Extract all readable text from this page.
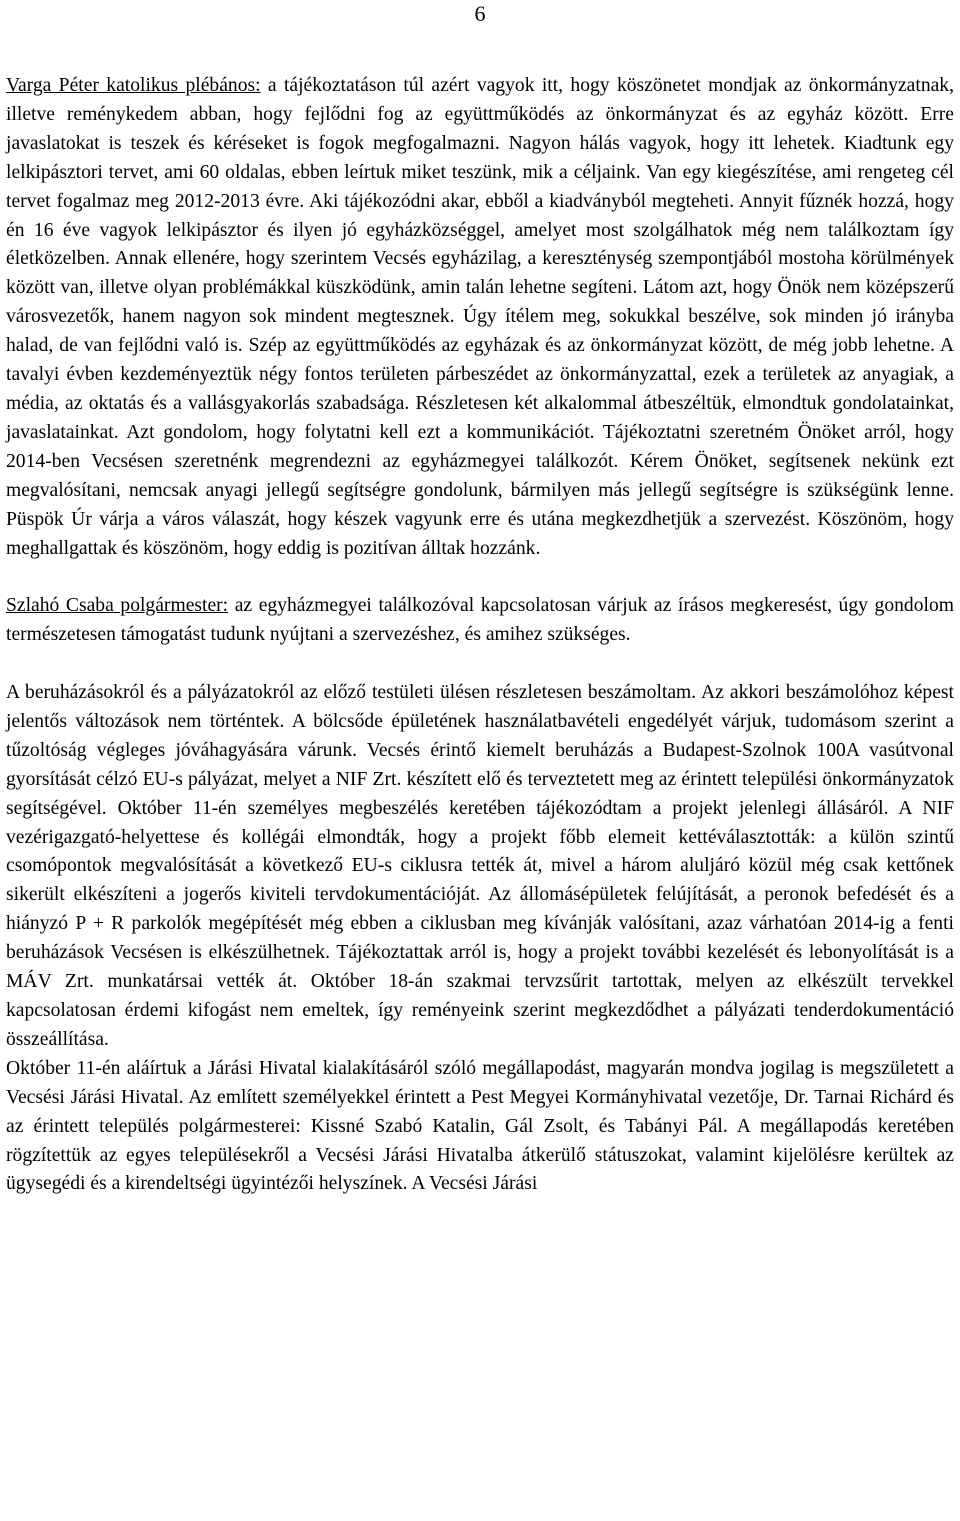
6

Varga Péter katolikus plébános: a tájékoztatáson túl azért vagyok itt, hogy köszönetet mondjak az önkormányzatnak, illetve reménykedem abban, hogy fejlődni fog az együttműködés az önkormányzat és az egyház között. Erre javaslatokat is teszek és kéréseket is fogok megfogalmazni. Nagyon hálás vagyok, hogy itt lehetek. Kiadtunk egy lelkipásztori tervet, ami 60 oldalas, ebben leírtuk miket teszünk, mik a céljaink. Van egy kiegészítése, ami rengeteg cél tervet fogalmaz meg 2012-2013 évre. Aki tájékozódni akar, ebből a kiadványból megteheti. Annyit fűznék hozzá, hogy én 16 éve vagyok lelkipásztor és ilyen jó egyházközséggel, amelyet most szolgálhatok még nem találkoztam így életközelben. Annak ellenére, hogy szerintem Vecsés egyházilag, a kereszténység szempontjából mostoha körülmények között van, illetve olyan problémákkal küszködünk, amin talán lehetne segíteni. Látom azt, hogy Önök nem középszerű városvezetők, hanem nagyon sok mindent megtesznek. Úgy ítélem meg, sokukkal beszélve, sok minden jó irányba halad, de van fejlődni való is. Szép az együttműködés az egyházak és az önkormányzat között, de még jobb lehetne. A tavalyi évben kezdeményeztük négy fontos területen párbeszédet az önkormányzattal, ezek a területek az anyagiak, a média, az oktatás és a vallásgyakorlás szabadsága. Részletesen két alkalommal átbeszéltük, elmondtuk gondolatainkat, javaslatainkat. Azt gondolom, hogy folytatni kell ezt a kommunikációt. Tájékoztatni szeretném Önöket arról, hogy 2014-ben Vecsésen szeretnénk megrendezni az egyházmegyei találkozót. Kérem Önöket, segítsenek nekünk ezt megvalósítani, nemcsak anyagi jellegű segítségre gondolunk, bármilyen más jellegű segítségre is szükségünk lenne. Püspök Úr várja a város válaszát, hogy készek vagyunk erre és utána megkezdhetjük a szervezést. Köszönöm, hogy meghallgattak és köszönöm, hogy eddig is pozitívan álltak hozzánk.

Szlahó Csaba polgármester: az egyházmegyei találkozóval kapcsolatosan várjuk az írásos megkeresést, úgy gondolom természetesen támogatást tudunk nyújtani a szervezéshez, és amihez szükséges.

A beruházásokról és a pályázatokról az előző testületi ülésen részletesen beszámoltam. Az akkori beszámolóhoz képest jelentős változások nem történtek. A bölcsőde épületének használatbavételi engedélyét várjuk, tudomásom szerint a tűzoltóság végleges jóváhagyására várunk. Vecsés érintő kiemelt beruházás a Budapest-Szolnok 100A vasútvonal gyorsítását célzó EU-s pályázat, melyet a NIF Zrt. készített elő és terveztetett meg az érintett települési önkormányzatok segítségével. Október 11-én személyes megbeszélés keretében tájékozódtam a projekt jelenlegi állásáról. A NIF vezérigazgató-helyettese és kollégái elmondták, hogy a projekt főbb elemeit kettéválasztották: a külön szintű csomópontok megvalósítását a következő EU-s ciklusra tették át, mivel a három aluljáró közül még csak kettőnek sikerült elkészíteni a jogerős kiviteli tervdokumentációját. Az állomásépületek felújítását, a peronok befedését és a hiányzó P + R parkolók megépítését még ebben a ciklusban meg kívánják valósítani, azaz várhatóan 2014-ig a fenti beruházások Vecsésen is elkészülhetnek. Tájékoztattak arról is, hogy a projekt további kezelését és lebonyolítását is a MÁV Zrt. munkatársai vették át. Október 18-án szakmai tervzsűrit tartottak, melyen az elkészült tervekkel kapcsolatosan érdemi kifogást nem emeltek, így reményeink szerint megkezdődhet a pályázati tenderdokumentáció összeállítása.

Október 11-én aláírtuk a Járási Hivatal kialakításáról szóló megállapodást, magyarán mondva jogilag is megszületett a Vecsési Járási Hivatal. Az említett személyekkel érintett a Pest Megyei Kormányhivatal vezetője, Dr. Tarnai Richárd és az érintett település polgármesterei: Kissné Szabó Katalin, Gál Zsolt, és Tabányi Pál. A megállapodás keretében rögzítettük az egyes településekről a Vecsési Járási Hivatalba átkerülő státuszokat, valamint kijelölésre kerültek az ügysegédi és a kirendeltségi ügyintézői helyszínek. A Vecsési Járási
